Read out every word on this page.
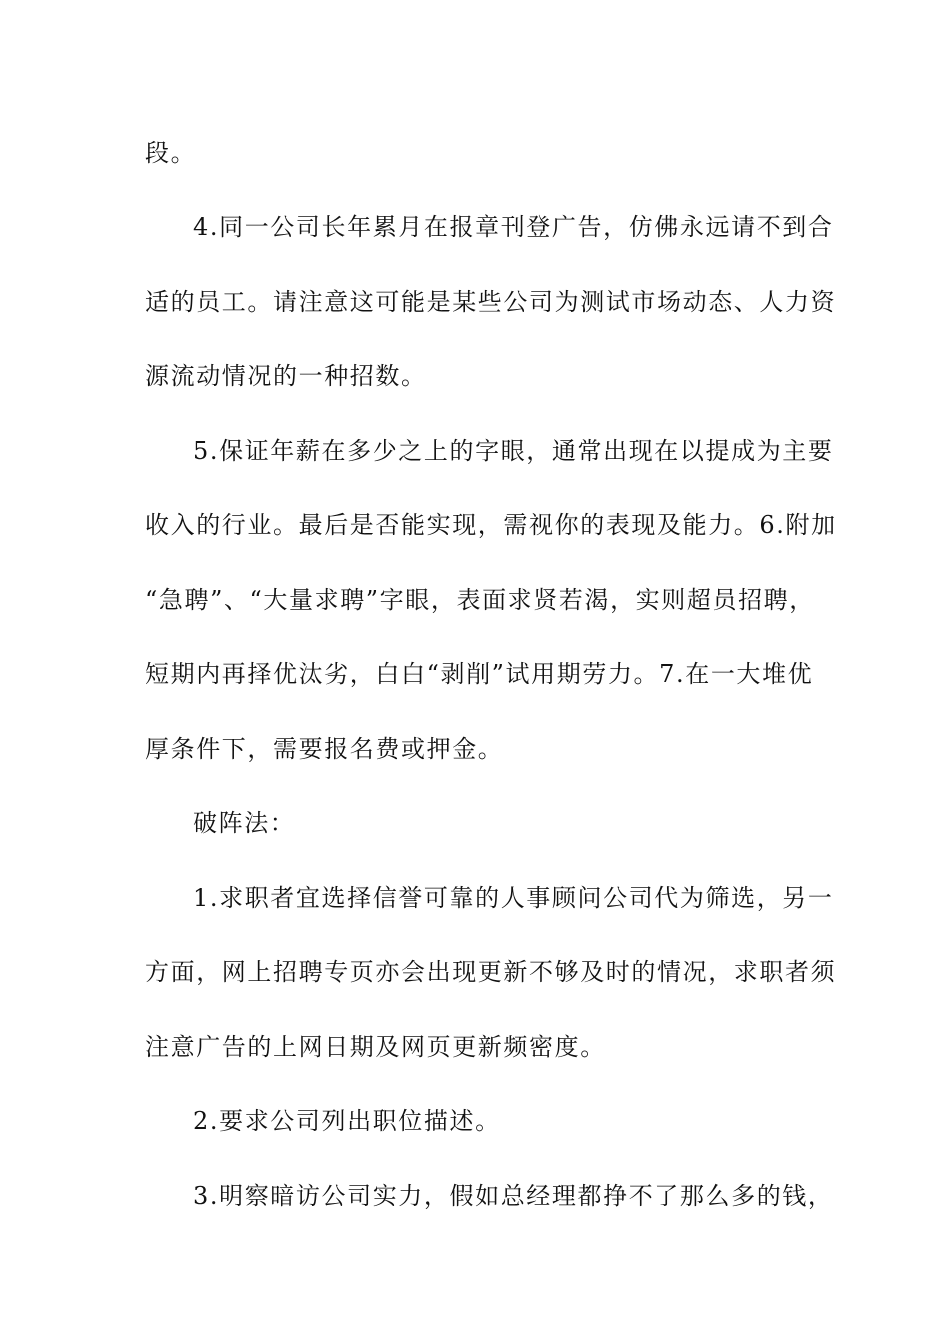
段。
4.同一公司长年累月在报章刊登广告，仿佛永远请不到合
适的员工。请注意这可能是某些公司为测试市场动态、人力资
源流动情况的一种招数。
5.保证年薪在多少之上的字眼，通常出现在以提成为主要
收入的行业。最后是否能实现，需视你的表现及能力。6.附加
“急聘”、“大量求聘”字眼，表面求贤若渴，实则超员招聘，
短期内再择优汰劣，白白“剥削”试用期劳力。7.在一大堆优
厚条件下，需要报名费或押金。
破阵法：
1.求职者宜选择信誉可靠的人事顾问公司代为筛选，另一
方面，网上招聘专页亦会出现更新不够及时的情况，求职者须
注意广告的上网日期及网页更新频密度。
2.要求公司列出职位描述。
3.明察暗访公司实力，假如总经理都挣不了那么多的钱，
